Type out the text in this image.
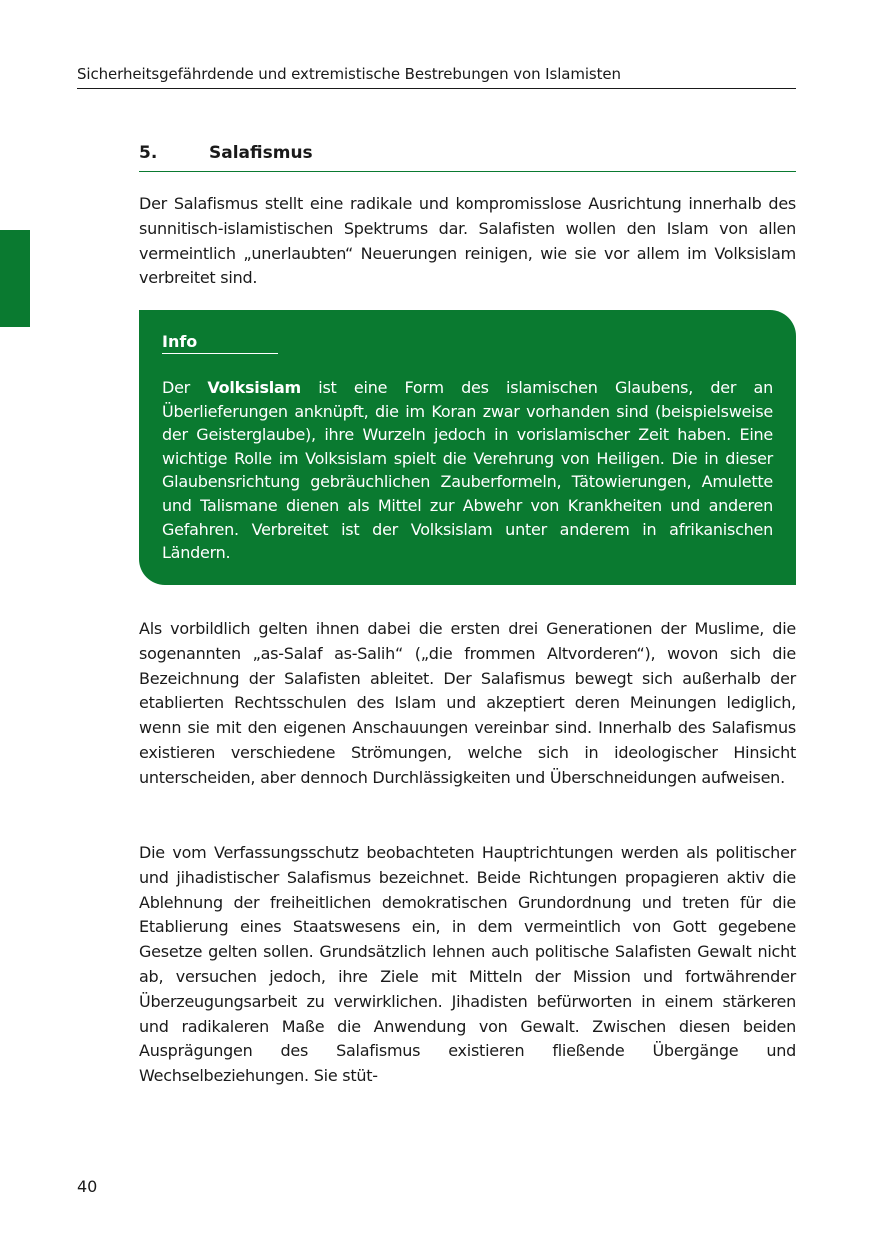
Sicherheitsgefährdende und extremistische Bestrebungen von Islamisten
5.	Salafismus

Der Salafismus stellt eine radikale und kompromisslose Ausrichtung innerhalb des sunnitisch-islamistischen Spektrums dar. Salafisten wollen den Islam von allen vermeintlich „unerlaubten“ Neuerungen reinigen, wie sie vor allem im Volksislam verbreitet sind.

Info

Der Volksislam ist eine Form des islamischen Glaubens, der an Überlieferungen anknüpft, die im Koran zwar vorhanden sind (beispielsweise der Geisterglaube), ihre Wurzeln jedoch in vorislamischer Zeit haben. Eine wichtige Rolle im Volksislam spielt die Verehrung von Heiligen. Die in dieser Glaubensrichtung gebräuchlichen Zauberformeln, Tätowierungen, Amulette und Talismane dienen als Mittel zur Abwehr von Krankheiten und anderen Gefahren. Verbreitet ist der Volksislam unter anderem in afrikanischen Ländern.

Als vorbildlich gelten ihnen dabei die ersten drei Generationen der Muslime, die sogenannten „as-Salaf as-Salih“ („die frommen Altvorderen“), wovon sich die Bezeichnung der Salafisten ableitet. Der Salafismus bewegt sich außerhalb der etablierten Rechtsschulen des Islam und akzeptiert deren Meinungen lediglich, wenn sie mit den eigenen Anschauungen vereinbar sind. Innerhalb des Salafismus existieren verschiedene Strömungen, welche sich in ideologischer Hinsicht unterscheiden, aber dennoch Durchlässigkeiten und Überschneidungen aufweisen.

Die vom Verfassungsschutz beobachteten Hauptrichtungen werden als politischer und jihadistischer Salafismus bezeichnet. Beide Richtungen propagieren aktiv die Ablehnung der freiheitlichen demokratischen Grundordnung und treten für die Etablierung eines Staatswesens ein, in dem vermeintlich von Gott gegebene Gesetze gelten sollen. Grundsätzlich lehnen auch politische Salafisten Gewalt nicht ab, versuchen jedoch, ihre Ziele mit Mitteln der Mission und fortwährender Überzeugungsarbeit zu verwirklichen. Jihadisten befürworten in einem stärkeren und radikaleren Maße die Anwendung von Gewalt. Zwischen diesen beiden Ausprägungen des Salafismus existieren fließende Übergänge und Wechselbeziehungen. Sie stüt-

40
